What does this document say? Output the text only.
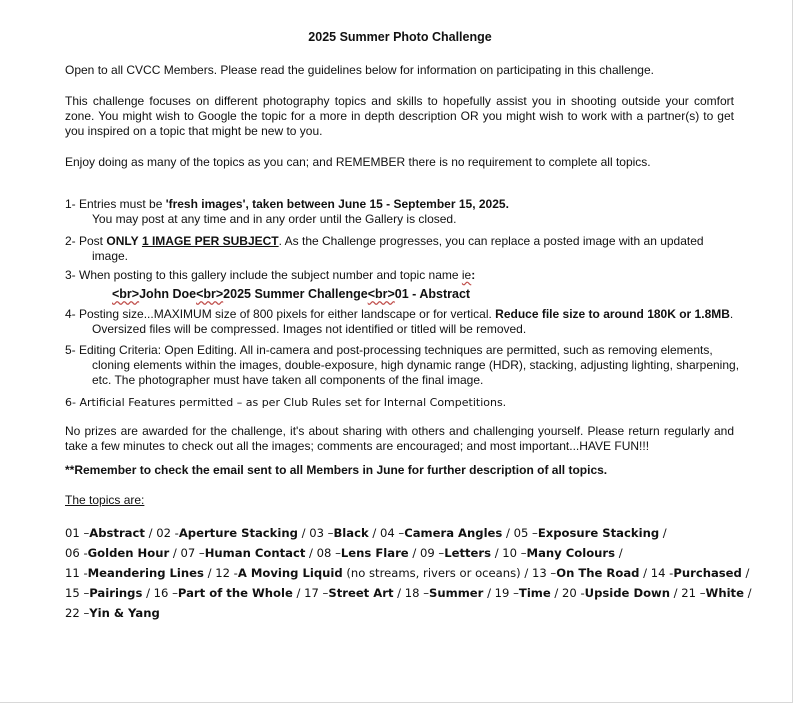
2025 Summer Photo Challenge
Open to all CVCC Members. Please read the guidelines below for information on participating in this challenge.
This challenge focuses on different photography topics and skills to hopefully assist you in shooting outside your comfort zone. You might wish to Google the topic for a more in depth description OR you might wish to work with a partner(s) to get you inspired on a topic that might be new to you.
Enjoy doing as many of the topics as you can; and REMEMBER there is no requirement to complete all topics.
1- Entries must be 'fresh images', taken between June 15 - September 15, 2025.
You may post at any time and in any order until the Gallery is closed.
2- Post ONLY 1 IMAGE PER SUBJECT. As the Challenge progresses, you can replace a posted image with an updated
image.
3- When posting to this gallery include the subject number and topic name ie:
<br>John Doe<br>2025 Summer Challenge<br>01 - Abstract
4- Posting size...MAXIMUM size of 800 pixels for either landscape or for vertical. Reduce file size to around 180K or 1.8MB.
Oversized files will be compressed. Images not identified or titled will be removed.
5- Editing Criteria: Open Editing. All in-camera and post-processing techniques are permitted, such as removing elements,
cloning elements within the images, double-exposure, high dynamic range (HDR), stacking, adjusting lighting, sharpening,
etc. The photographer must have taken all components of the final image.
6- Artificial Features permitted – as per Club Rules set for Internal Competitions.
No prizes are awarded for the challenge, it's about sharing with others and challenging yourself. Please return regularly and take a few minutes to check out all the images; comments are encouraged; and most important...HAVE FUN!!!
**Remember to check the email sent to all Members in June for further description of all topics.
The topics are:
01 –Abstract / 02 -Aperture Stacking / 03 –Black / 04 –Camera Angles / 05 –Exposure Stacking /
06 -Golden Hour / 07 –Human Contact / 08 –Lens Flare / 09 –Letters / 10 –Many Colours /
11 -Meandering Lines / 12 -A Moving Liquid (no streams, rivers or oceans) / 13 –On The Road / 14 -Purchased /
15 –Pairings / 16 –Part of the Whole / 17 –Street Art / 18 –Summer / 19 –Time / 20 -Upside Down / 21 –White /
22 –Yin & Yang
